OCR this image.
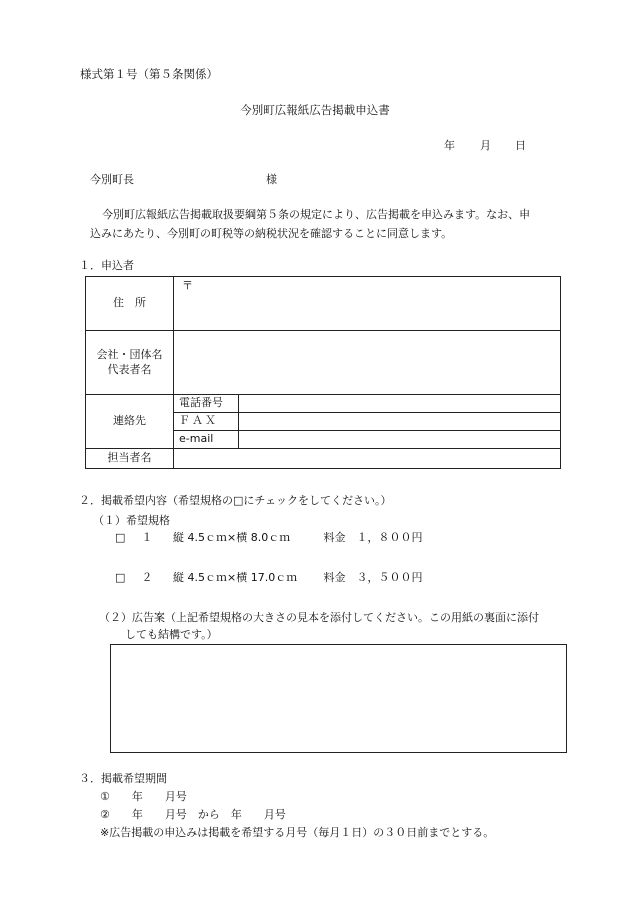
様式第１号（第５条関係）
今別町広報紙広告掲載申込書
年 月 日
今別町長	様
今別町広報紙広告掲載取扱要綱第５条の規定により、広告掲載を申込みます。なお、申
込みにあたり、今別町の町税等の納税状況を確認することに同意します。
１．申込者
住　所	〒	

会社・団体名
代表者名		

連絡先	電話番号	
	ＦＡＸ	
	e-mail	
担当者名		
２．掲載希望内容（希望規格の□にチェックをしてください。）
（１）希望規格
□ １ 縦 4.5ｃｍ×横 8.0ｃｍ	料金　１，８００円
□ ２ 縦 4.5ｃｍ×横 17.0ｃｍ 料金　３，５００円
（２）広告案（上記希望規格の大きさの見本を添付してください。この用紙の裏面に添付
しても結構です。）
３．掲載希望期間
①　　年　　月号
②　　年　　月号　から　年　　月号
※広告掲載の申込みは掲載を希望する月号（毎月１日）の３０日前までとする。
